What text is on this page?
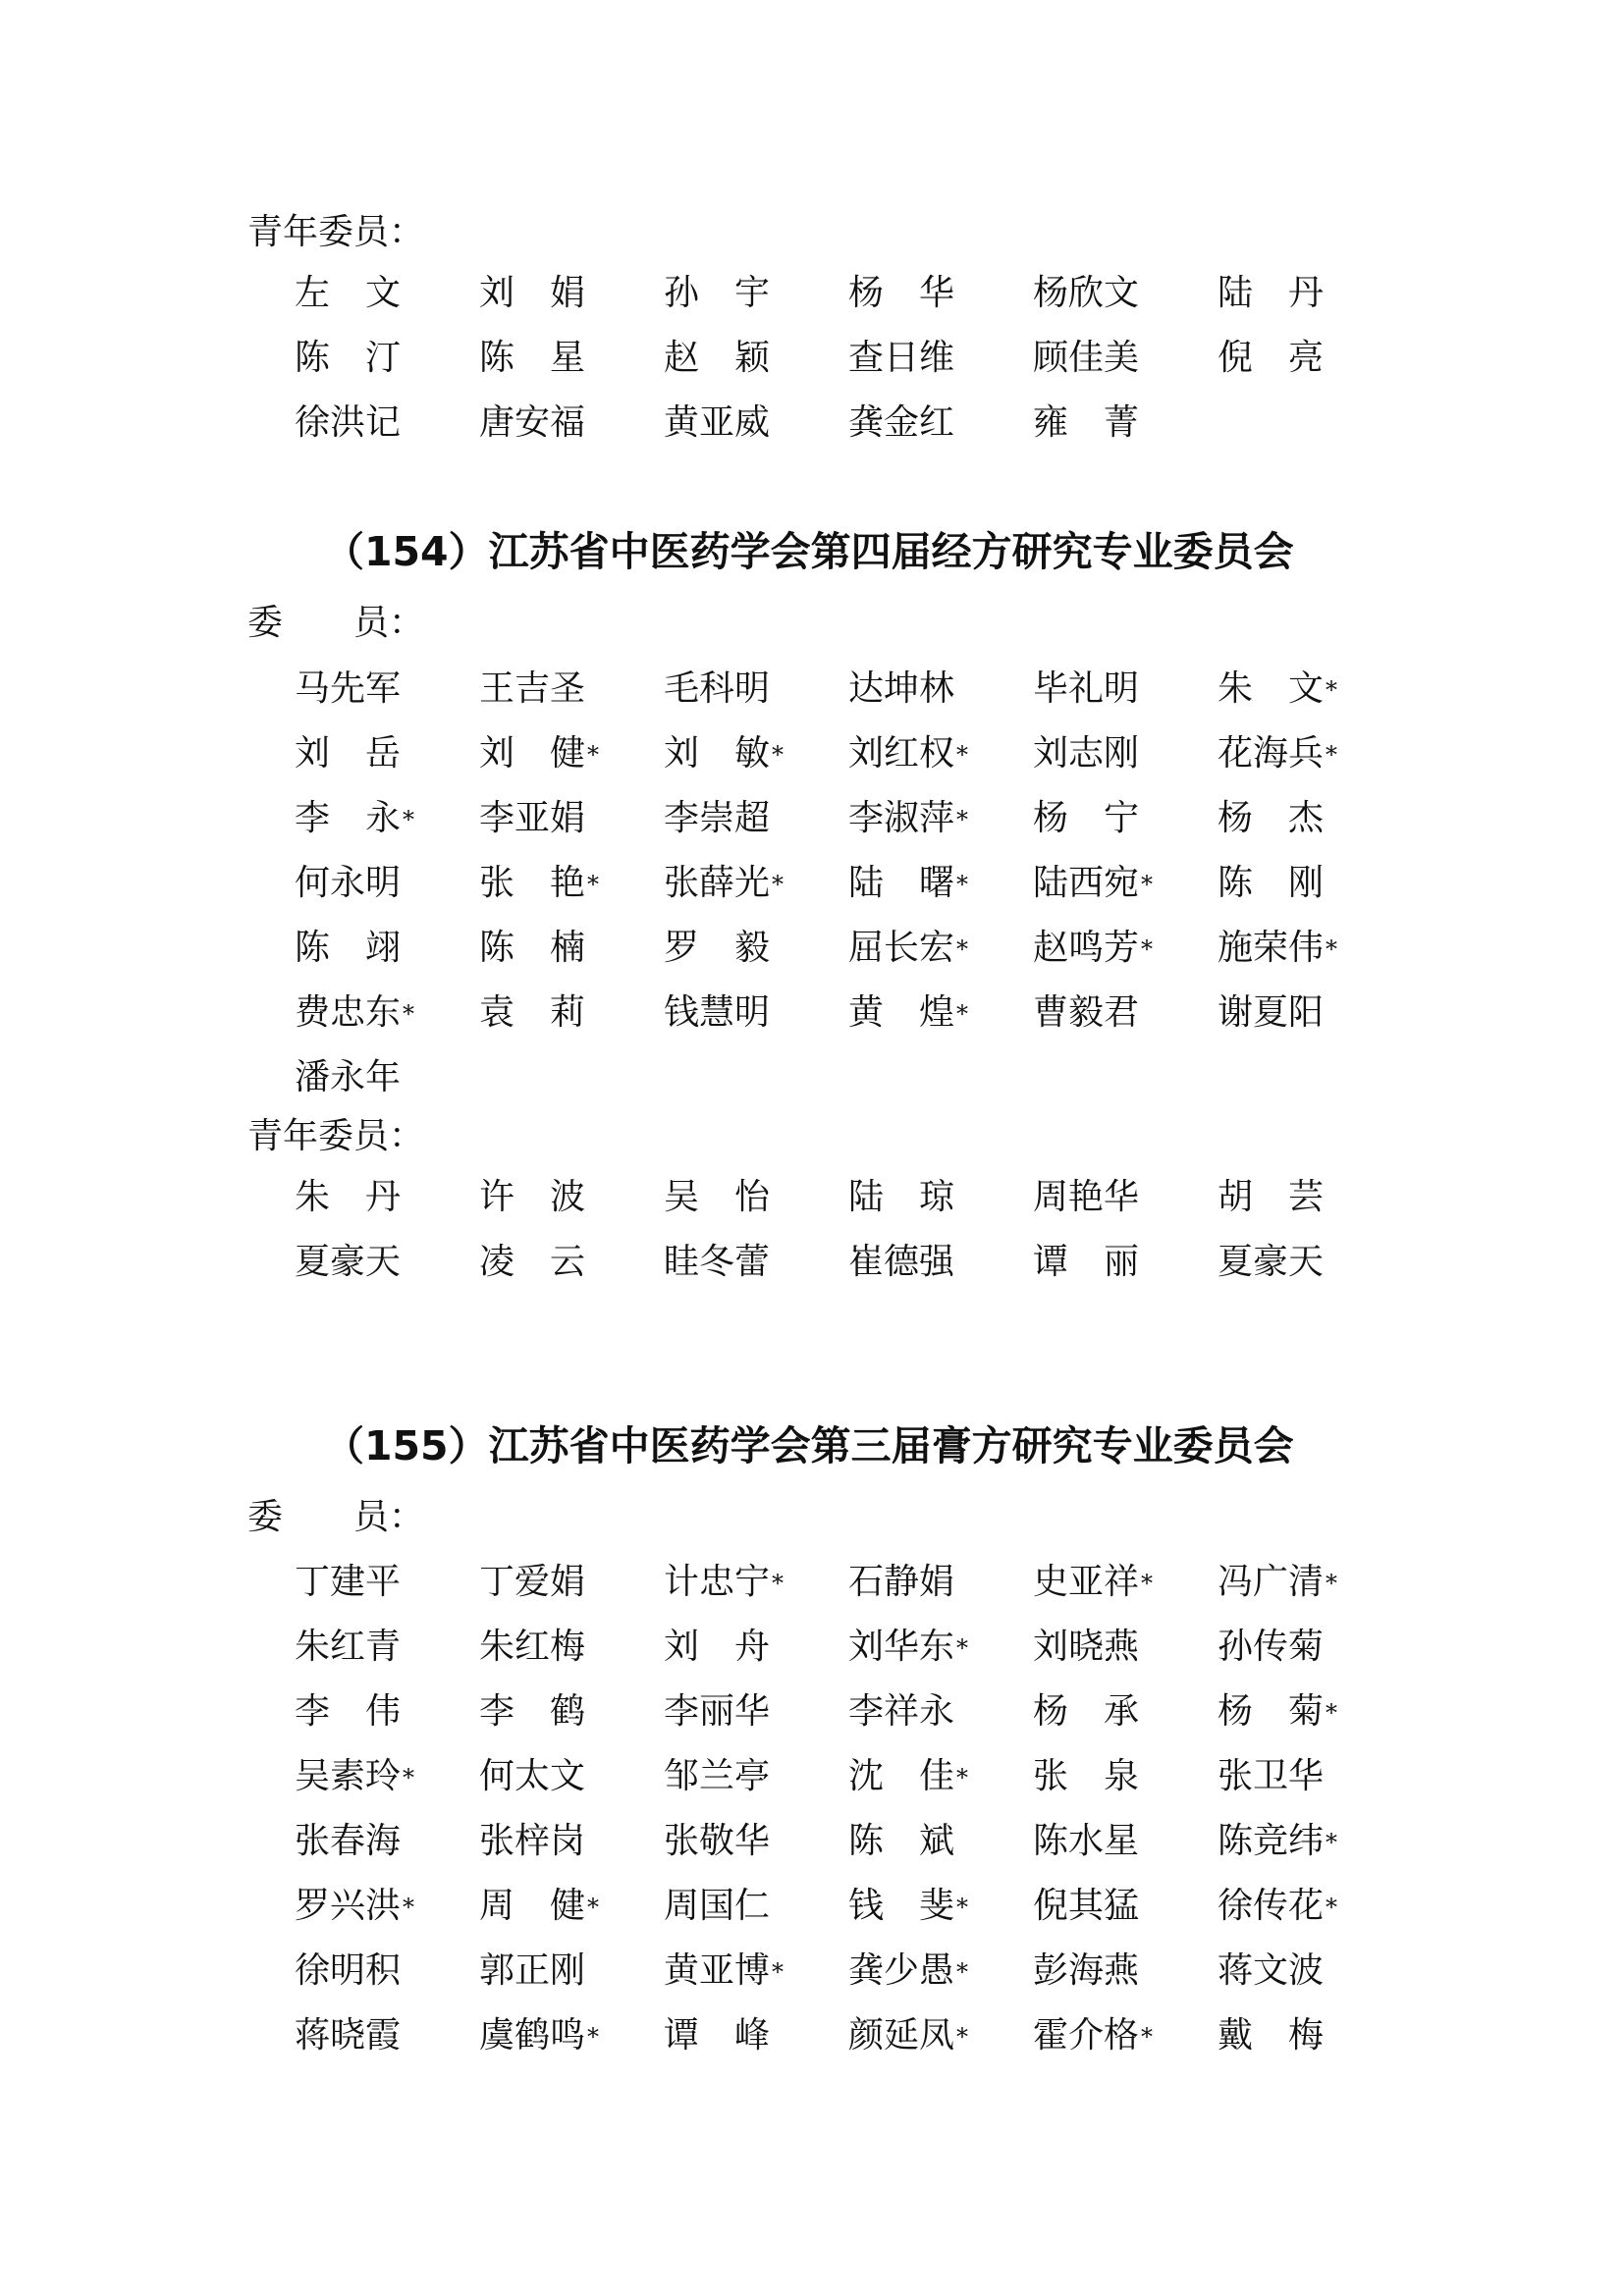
青年委员：
左　文	刘　娟	孙　宇	杨　华	杨欣文	陆　丹
陈　汀	陈　星	赵　颖	查日维	顾佳美	倪　亮
徐洪记	唐安福	黄亚威	龚金红	雍　菁
（154）江苏省中医药学会第四届经方研究专业委员会
委　　员：
马先军	王吉圣	毛科明	达坤林	毕礼明	朱　文*
刘　岳	刘　健*	刘　敏*	刘红权*	刘志刚	花海兵*
李　永*	李亚娟	李崇超	李淑萍*	杨　宁	杨　杰
何永明	张　艳*	张薛光*	陆　曙*	陆西宛*	陈　刚
陈　翊	陈　楠	罗　毅	屈长宏*	赵鸣芳*	施荣伟*
费忠东*	袁　莉	钱慧明	黄　煌*	曹毅君	谢夏阳
潘永年
青年委员：
朱　丹	许　波	吴　怡	陆　琼	周艳华	胡　芸
夏豪天	凌　云	眭冬蕾	崔德强	谭　丽	夏豪天
（155）江苏省中医药学会第三届膏方研究专业委员会
委　　员：
丁建平	丁爱娟	计忠宁*	石静娟	史亚祥*	冯广清*
朱红青	朱红梅	刘　舟	刘华东*	刘晓燕	孙传菊
李　伟	李　鹤	李丽华	李祥永	杨　承	杨　菊*
吴素玲*	何太文	邹兰亭	沈　佳*	张　泉	张卫华
张春海	张梓岗	张敬华	陈　斌	陈水星	陈竞纬*
罗兴洪*	周　健*	周国仁	钱　斐*	倪其猛	徐传花*
徐明积	郭正刚	黄亚博*	龚少愚*	彭海燕	蒋文波
蒋晓霞	虞鹤鸣*	谭　峰	颜延凤*	霍介格*	戴　梅
